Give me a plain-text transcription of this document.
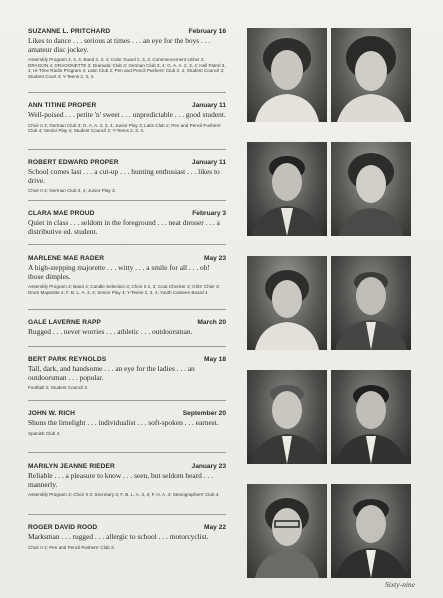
SUZANNE L. PRITCHARD	February 16
Likes to dance . . . serious at times . . . an eye for the boys . . . amateur disc jockey.
Assembly Program 2, 3, 4; Band 2, 3, 4; Color Guard 2, 3, 4; Commencement Usher 2; DRAGON 4; DRAGONETTE 3; Dramatic Club 3; German Club 3, 4; G. A. A. 2, 3, 4; Hall Patrol 3, 4; Hi-Time Radio Program 4; Latin Club 2; Pen and Pencil Pushers' Club 3, 4; Student Council 3; Student Court 4; Y-Teens 2, 3, 4.
ANN TITINE PROPER	January 11
Well-poised . . . petite 'n' sweet . . . unpredictable . . . good student.
Choir II 2; German Club 3; G. A. A. 2, 3, 4; Junior Play 3; Latin Club 2; Pen and Pencil Pushers' Club 4; Senior Play 4; Student Council 2; Y-Teens 2, 3, 4.
ROBERT EDWARD PROPER	January 11
School comes last . . . a cut-up . . . hunting enthusiast . . . likes to drive.
Choir II 4; German Club 3, 4; Junior Play 3.
CLARA MAE PROUD	February 3
Quiet in class . . . seldom in the foreground . . . neat dresser . . . a distributive ed. student.
MARLENE MAE RADER	May 23
A high-stepping majorette . . . witty . . . a smile for all . . . oh! those dimples.
Assembly Program 2; Band 4; Candle Selection 3; Choir II 2, 3; Coat Checker 2; Girls' Choir 3; Drum Majorette 4; F. B. L. A. 3, 4; Senior Play 4; Y-Teens 2, 3, 4; Youth Canteen Board 4.
GALE LAVERNE RAPP	March 20
Rugged . . . never worries . . . athletic . . . outdoorsman.
BERT PARK REYNOLDS	May 18
Tall, dark, and handsome . . . an eye for the ladies . . . an outdoorsman . . . popular.
Football 2; Student Council 3.
JOHN W. RICH	September 20
Shuns the limelight . . . individualist . . . soft-spoken . . . earnest.
Spanish Club 4.
MARILYN JEANNE RIEDER	January 23
Reliable . . . a pleasure to know . . . seen, but seldom heard . . . mannerly.
Assembly Program 3; Choir II 3; Secretary 3; F. B. L. A. 3, 4; F. H. A. 4; Stenographers' Club 4.
ROGER DAVID ROOD	May 22
Marksman . . . rugged . . . allergic to school . . . motorcyclist.
Choir II 2; Pen and Pencil Pushers' Club 2.
Sixty-nine
